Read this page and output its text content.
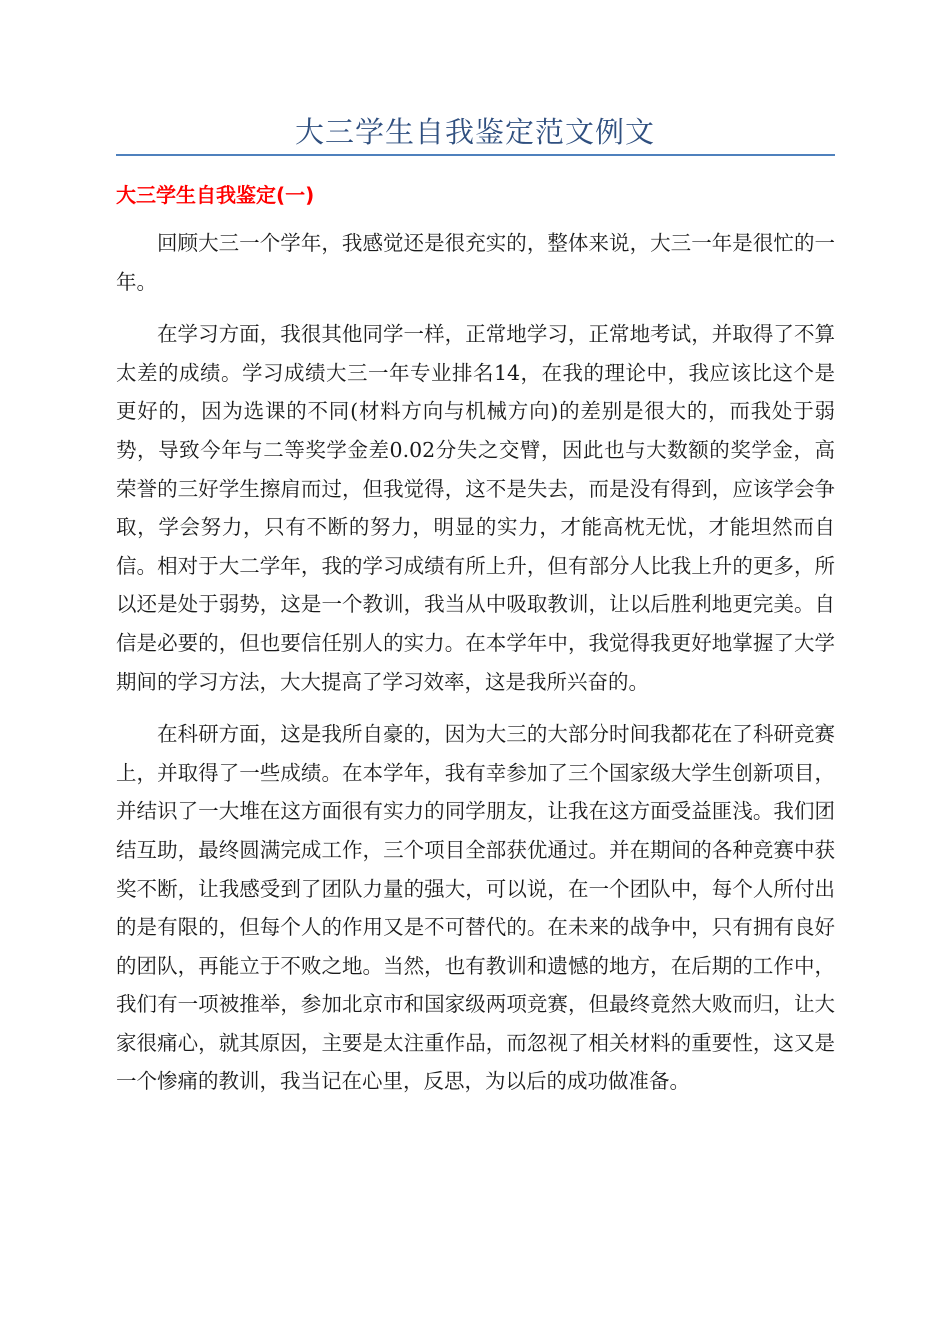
大三学生自我鉴定范文例文
大三学生自我鉴定(一)

回顾大三一个学年，我感觉还是很充实的，整体来说，大三一年是很忙的一年。

在学习方面，我很其他同学一样，正常地学习，正常地考试，并取得了不算太差的成绩。学习成绩大三一年专业排名14，在我的理论中，我应该比这个是更好的，因为选课的不同(材料方向与机械方向)的差别是很大的，而我处于弱势，导致今年与二等奖学金差0.02分失之交臂，因此也与大数额的奖学金，高荣誉的三好学生擦肩而过，但我觉得，这不是失去，而是没有得到，应该学会争取，学会努力，只有不断的努力，明显的实力，才能高枕无忧，才能坦然而自信。相对于大二学年，我的学习成绩有所上升，但有部分人比我上升的更多，所以还是处于弱势，这是一个教训，我当从中吸取教训，让以后胜利地更完美。自信是必要的，但也要信任别人的实力。在本学年中，我觉得我更好地掌握了大学期间的学习方法，大大提高了学习效率，这是我所兴奋的。

在科研方面，这是我所自豪的，因为大三的大部分时间我都花在了科研竞赛上，并取得了一些成绩。在本学年，我有幸参加了三个国家级大学生创新项目，并结识了一大堆在这方面很有实力的同学朋友，让我在这方面受益匪浅。我们团结互助，最终圆满完成工作，三个项目全部获优通过。并在期间的各种竞赛中获奖不断，让我感受到了团队力量的强大，可以说，在一个团队中，每个人所付出的是有限的，但每个人的作用又是不可替代的。在未来的战争中，只有拥有良好的团队，再能立于不败之地。当然，也有教训和遗憾的地方，在后期的工作中，我们有一项被推举，参加北京市和国家级两项竞赛，但最终竟然大败而归，让大家很痛心，就其原因，主要是太注重作品，而忽视了相关材料的重要性，这又是一个惨痛的教训，我当记在心里，反思，为以后的成功做准备。
